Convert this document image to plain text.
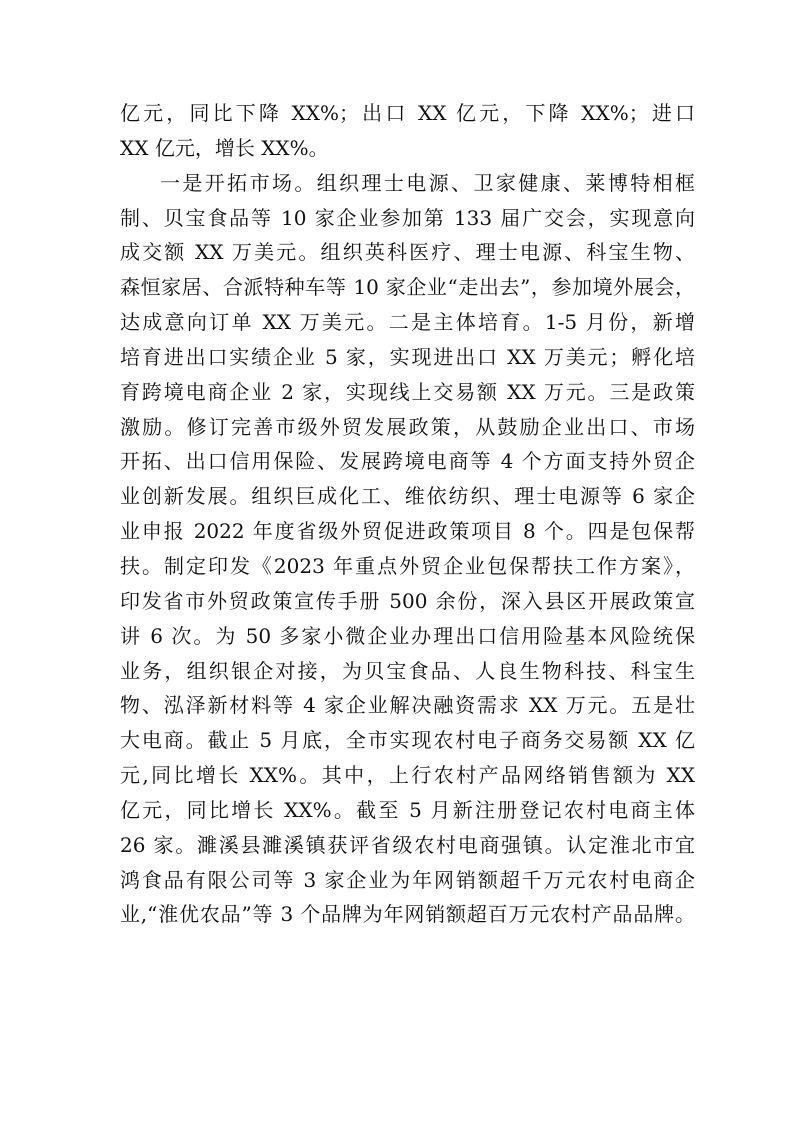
亿元，同比下降 XX%；出口 XX 亿元，下降 XX%；进口
XX 亿元，增长 XX%。
一是开拓市场。组织理士电源、卫家健康、莱博特相框
制、贝宝食品等 10 家企业参加第 133 届广交会，实现意向
成交额 XX 万美元。组织英科医疗、理士电源、科宝生物、
森恒家居、合派特种车等 10 家企业“走出去”，参加境外展会，
达成意向订单 XX 万美元。二是主体培育。1-5 月份，新增
培育进出口实绩企业 5 家，实现进出口 XX 万美元；孵化培
育跨境电商企业 2 家，实现线上交易额 XX 万元。三是政策
激励。修订完善市级外贸发展政策，从鼓励企业出口、市场
开拓、出口信用保险、发展跨境电商等 4 个方面支持外贸企
业创新发展。组织巨成化工、维依纺织、理士电源等 6 家企
业申报 2022 年度省级外贸促进政策项目 8 个。四是包保帮
扶。制定印发《2023 年重点外贸企业包保帮扶工作方案》，
印发省市外贸政策宣传手册 500 余份，深入县区开展政策宣
讲 6 次。为 50 多家小微企业办理出口信用险基本风险统保
业务，组织银企对接，为贝宝食品、人良生物科技、科宝生
物、泓泽新材料等 4 家企业解决融资需求 XX 万元。五是壮
大电商。截止 5 月底，全市实现农村电子商务交易额 XX 亿
元,同比增长 XX%。其中，上行农村产品网络销售额为 XX
亿元，同比增长 XX%。截至 5 月新注册登记农村电商主体
26 家。濉溪县濉溪镇获评省级农村电商强镇。认定淮北市宜
鸿食品有限公司等 3 家企业为年网销额超千万元农村电商企
业,“淮优农品”等 3 个品牌为年网销额超百万元农村产品品牌。
